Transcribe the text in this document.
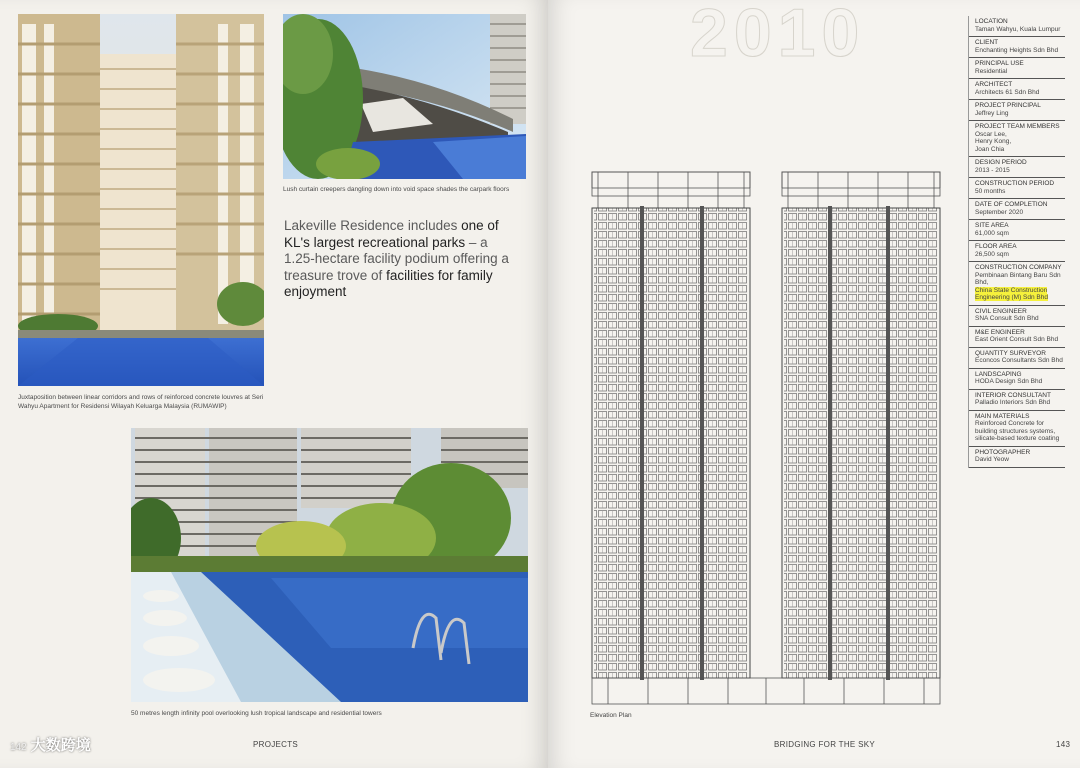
Juxtaposition between linear corridors and rows of reinforced concrete louvres at Seri Wahyu Apartment for Residensi Wilayah Keluarga Malaysia (RUMAWIP)
Lush curtain creepers dangling down into void space shades the carpark floors
Lakeville Residence includes one of KL's largest recreational parks – a 1.25-hectare facility podium offering a treasure trove of facilities for family enjoyment
50 metres length infinity pool overlooking lush tropical landscape and residential towers
142 大数跨境	PROJECTS
2010
Elevation Plan
LOCATION
Taman Wahyu, Kuala Lumpur
CLIENT
Enchanting Heights Sdn Bhd
PRINCIPAL USE
Residential
ARCHITECT
Architects 61 Sdn Bhd
PROJECT PRINCIPAL
Jeffrey Ling
PROJECT TEAM MEMBERS
Oscar Lee,
Henry Kong,
Joan Chia
DESIGN PERIOD
2013 - 2015
CONSTRUCTION PERIOD
50 months
DATE OF COMPLETION
September 2020
SITE AREA
61,000 sqm
FLOOR AREA
26,500 sqm
CONSTRUCTION COMPANY
Pembinaan Bintang Baru Sdn Bhd,
China State Construction Engineering (M) Sdn Bhd
CIVIL ENGINEER
SNA Consult Sdn Bhd
M&E ENGINEER
East Orient Consult Sdn Bhd
QUANTITY SURVEYOR
Econcos Consultants Sdn Bhd
LANDSCAPING
HODA Design Sdn Bhd
INTERIOR CONSULTANT
Palladio Interiors Sdn Bhd
MAIN MATERIALS
Reinforced Concrete for building structures systems, silicate-based texture coating
PHOTOGRAPHER
David Yeow
BRIDGING FOR THE SKY	143
